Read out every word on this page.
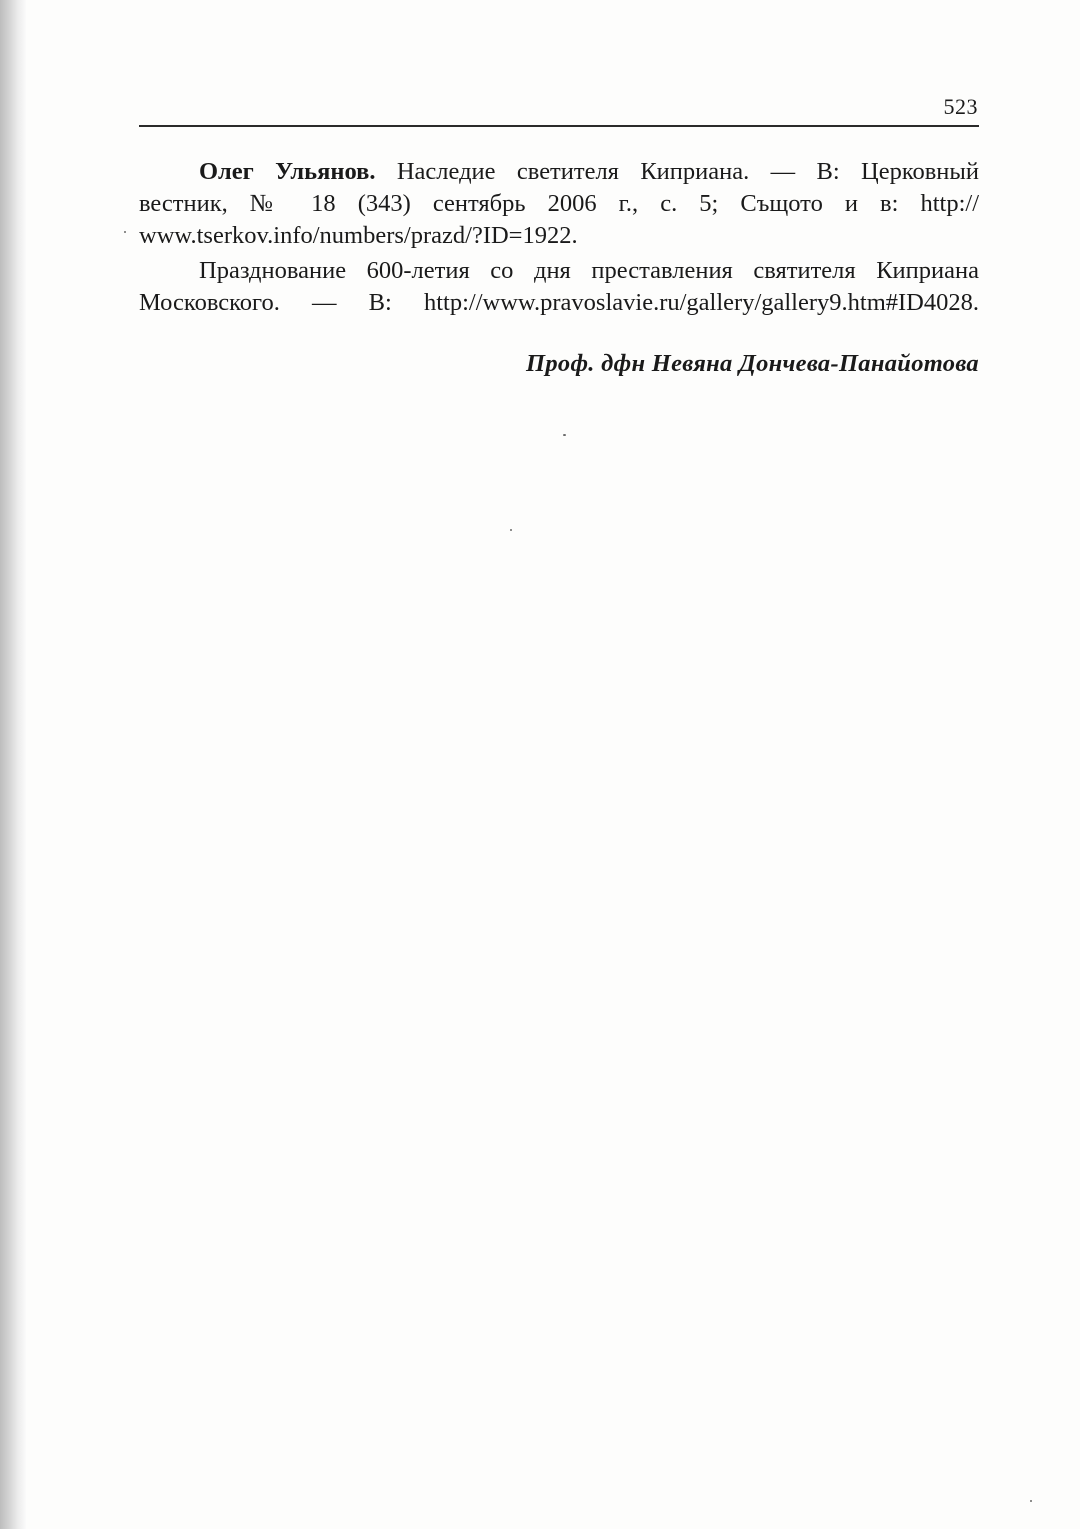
523
Олег Ульянов. Наследие светителя Киприана. — В: Церковный
вестник, № 18 (343) сентябрь 2006 г., с. 5; Същото и в: http://
www.tserkov.info/numbers/prazd/?ID=1922.
Празднование 600-летия со дня преставления святителя Киприана
Московского. — В: http://www.pravoslavie.ru/gallery/gallery9.htm#ID4028.
Проф. дфн Невяна Дончева-Панайотова
